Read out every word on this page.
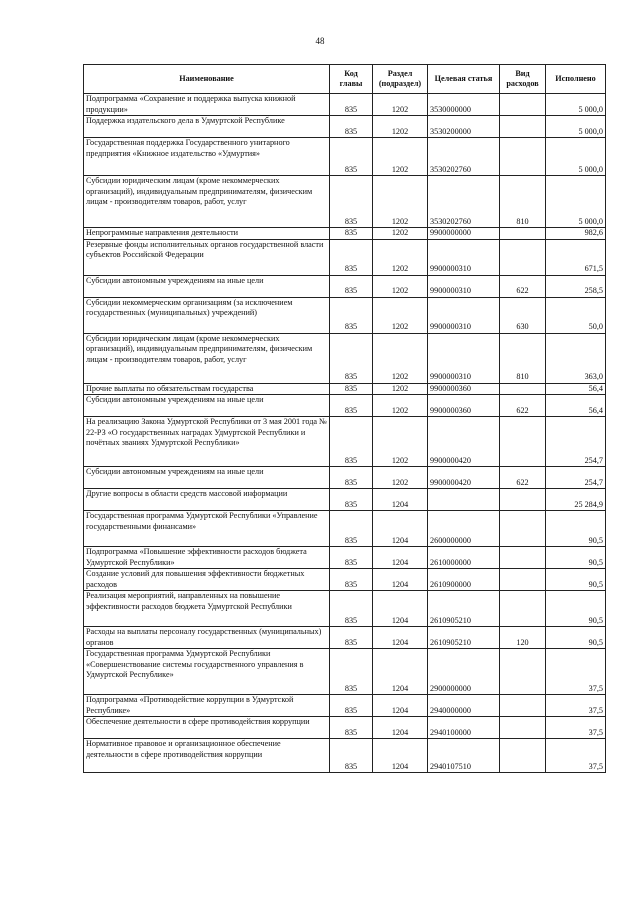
48
Наименование	Код главы	Раздел (подраздел)	Целевая статья	Вид расходов	Исполнено
Подпрограмма «Сохранение и поддержка выпуска книжной продукции»	835	1202	3530000000		5 000,0
Поддержка издательского дела в Удмуртской Республике	835	1202	3530200000		5 000,0
Государственная поддержка Государственного унитарного предприятия «Книжное издательство «Удмуртия»	835	1202	3530202760		5 000,0
Субсидии юридическим лицам (кроме некоммерческих организаций), индивидуальным предпринимателям, физическим лицам - производителям товаров, работ, услуг	835	1202	3530202760	810	5 000,0
Непрограммные направления деятельности	835	1202	9900000000		982,6
Резервные фонды исполнительных органов государственной власти субъектов Российской Федерации	835	1202	9900000310		671,5
Субсидии автономным учреждениям на иные цели	835	1202	9900000310	622	258,5
Субсидии некоммерческим организациям (за исключением государственных (муниципальных) учреждений)	835	1202	9900000310	630	50,0
Субсидии юридическим лицам (кроме некоммерческих организаций), индивидуальным предпринимателям, физическим лицам - производителям товаров, работ, услуг	835	1202	9900000310	810	363,0
Прочие выплаты по обязательствам государства	835	1202	9900000360		56,4
Субсидии автономным учреждениям на иные цели	835	1202	9900000360	622	56,4
На реализацию Закона Удмуртской Республики от 3 мая 2001 года № 22-РЗ «О государственных наградах Удмуртской Республики и почётных званиях Удмуртской Республики»	835	1202	9900000420		254,7
Субсидии автономным учреждениям на иные цели	835	1202	9900000420	622	254,7
Другие вопросы в области средств массовой информации	835	1204			25 284,9
Государственная программа Удмуртской Республики «Управление государственными финансами»	835	1204	2600000000		90,5
Подпрограмма «Повышение эффективности расходов бюджета Удмуртской Республики»	835	1204	2610000000		90,5
Создание условий для повышения эффективности бюджетных расходов	835	1204	2610900000		90,5
Реализация мероприятий, направленных на повышение эффективности расходов бюджета Удмуртской Республики	835	1204	2610905210		90,5
Расходы на выплаты персоналу государственных (муниципальных) органов	835	1204	2610905210	120	90,5
Государственная программа Удмуртской Республики «Совершенствование системы государственного управления в Удмуртской Республике»	835	1204	2900000000		37,5
Подпрограмма «Противодействие коррупции в Удмуртской Республике»	835	1204	2940000000		37,5
Обеспечение деятельности в сфере противодействия коррупции	835	1204	2940100000		37,5
Нормативное правовое и организационное обеспечение деятельности в сфере противодействия коррупции	835	1204	2940107510		37,5
